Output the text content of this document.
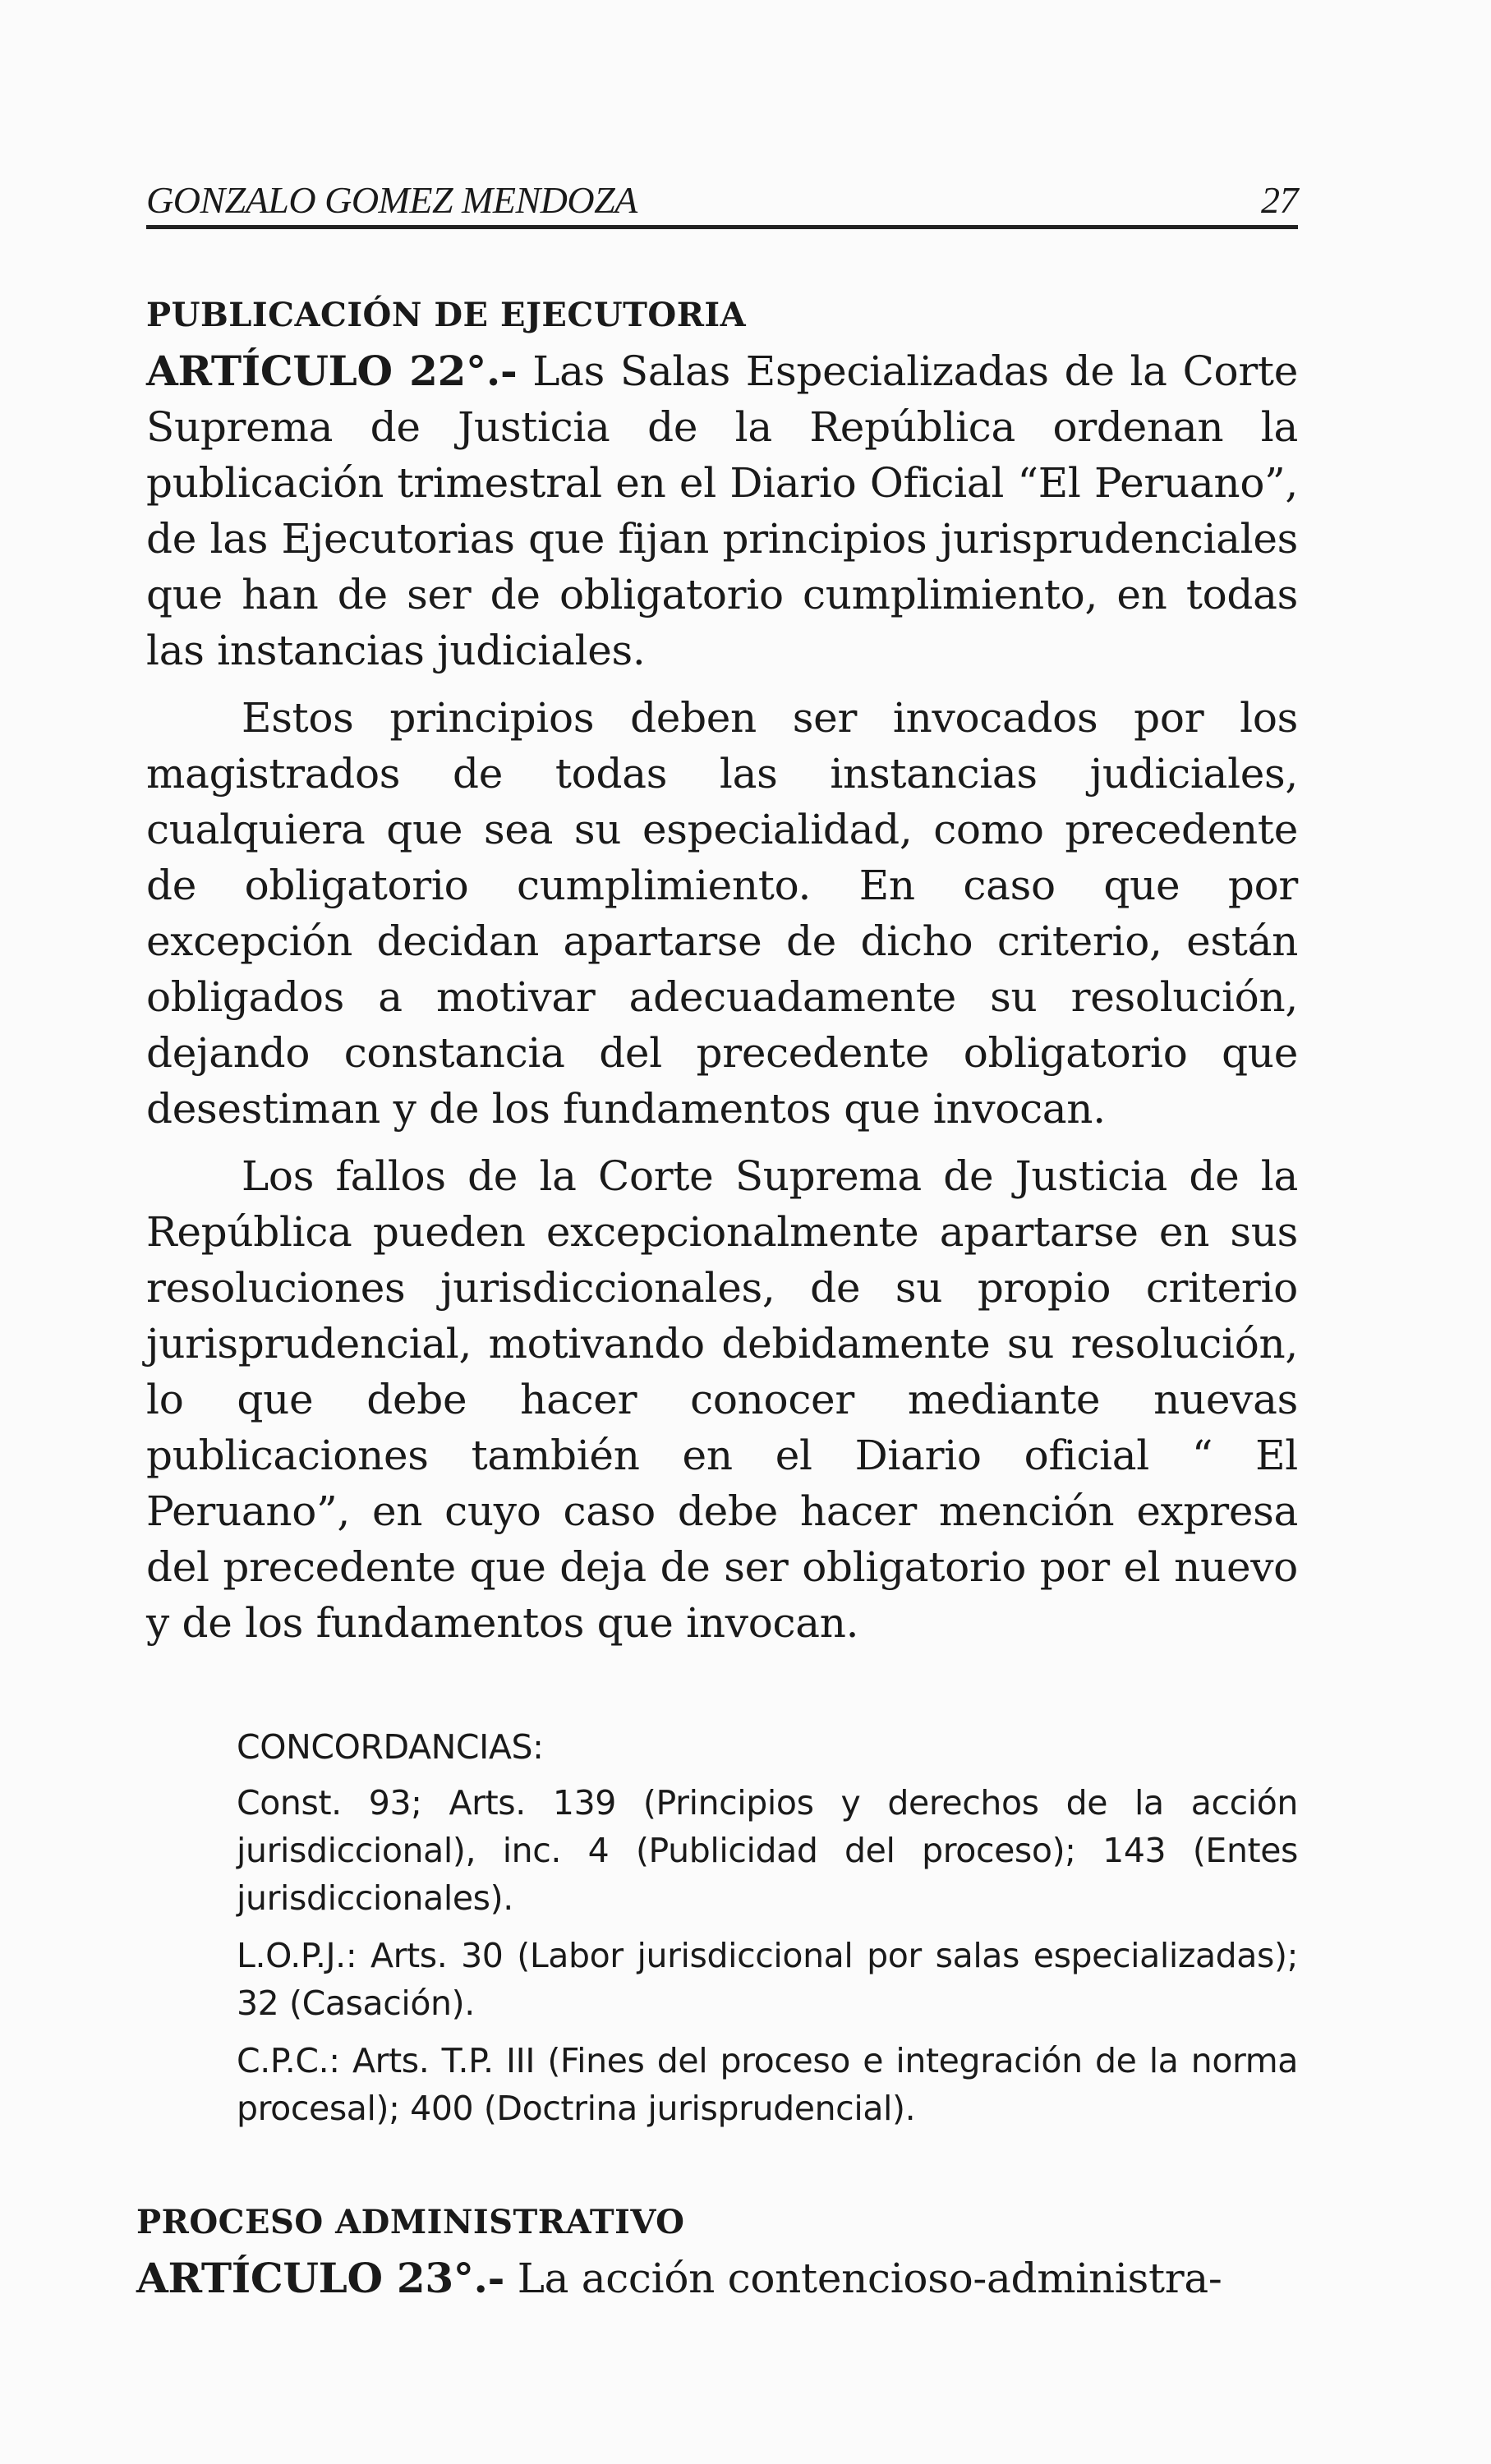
GONZALO GOMEZ MENDOZA	27
PUBLICACIÓN DE EJECUTORIA

ARTÍCULO 22°.- Las Salas Especializadas de la Corte Suprema de Justicia de la República ordenan la publicación trimestral en el Diario Oficial “El Peruano”, de las Ejecutorias que fijan principios jurisprudenciales que han de ser de obligatorio cumplimiento, en todas las instancias judiciales.

Estos principios deben ser invocados por los magistrados de todas las instancias judiciales, cualquiera que sea su especialidad, como precedente de obligatorio cumplimiento. En caso que por excepción decidan apartarse de dicho criterio, están obligados a motivar adecuadamente su resolución, dejando constancia del precedente obligatorio que desestiman y de los fundamentos que invocan.

Los fallos de la Corte Suprema de Justicia de la República pueden excepcionalmente apartarse en sus resoluciones jurisdiccionales, de su propio criterio jurisprudencial, motivando debidamente su resolución, lo que debe hacer conocer mediante nuevas publicaciones también en el Diario oficial “ El Peruano”, en cuyo caso debe hacer mención expresa del precedente que deja de ser obligatorio por el nuevo y de los fundamentos que invocan.

CONCORDANCIAS:

Const. 93; Arts. 139 (Principios y derechos de la acción jurisdiccional), inc. 4 (Publicidad del proceso); 143 (Entes jurisdiccionales).

L.O.P.J.: Arts. 30 (Labor jurisdiccional por salas especializadas); 32 (Casación).

C.P.C.: Arts. T.P. III (Fines del proceso e integración de la norma procesal); 400 (Doctrina jurisprudencial).

PROCESO ADMINISTRATIVO

ARTÍCULO 23°.- La acción contencioso-administra-
